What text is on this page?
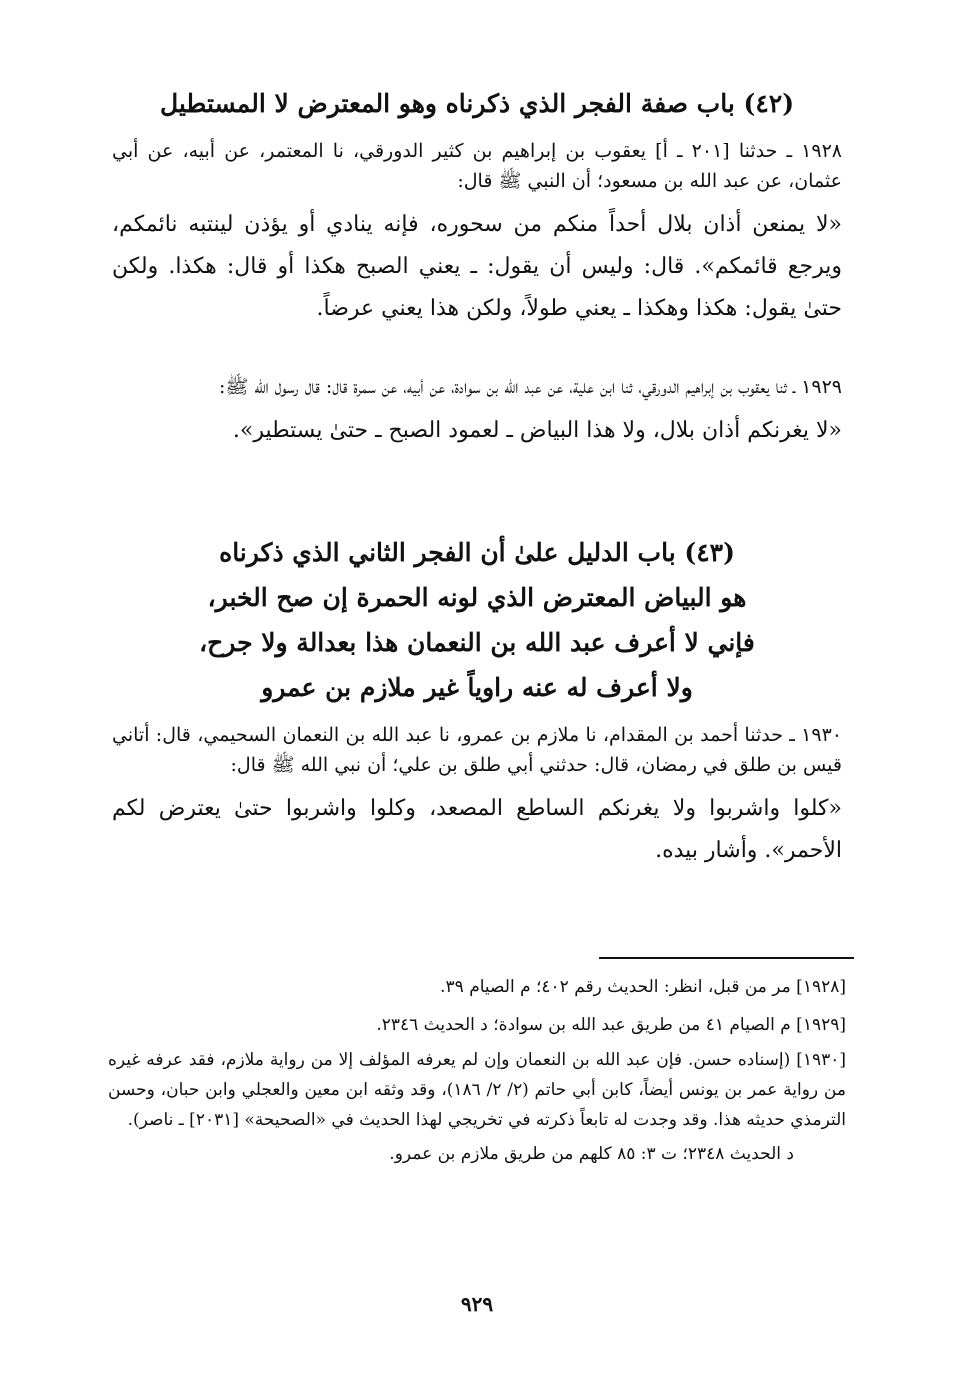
(٤٢) باب صفة الفجر الذي ذكرناه وهو المعترض لا المستطيل
١٩٢٨ ـ حدثنا [٢٠١ ـ أ] يعقوب بن إبراهيم بن كثير الدورقي، نا المعتمر، عن أبيه، عن أبي عثمان، عن عبد الله بن مسعود؛ أن النبي ﷺ قال:
«لا يمنعن أذان بلال أحداً منكم من سحوره، فإنه ينادي أو يؤذن لينتبه نائمكم، ويرجع قائمكم». قال: وليس أن يقول: ـ يعني الصبح هكذا أو قال: هكذا. ولكن حتىٰ يقول: هكذا وهكذا ـ يعني طولاً، ولكن هذا يعني عرضاً.
١٩٢٩ ـ ثنا يعقوب بن إبراهيم الدورقي، ثنا ابن علية، عن عبد الله بن سوادة، عن أبيه، عن سمرة قال: قال رسول الله ﷺ:
«لا يغرنكم أذان بلال، ولا هذا البياض ـ لعمود الصبح ـ حتىٰ يستطير».
(٤٣) باب الدليل علىٰ أن الفجر الثاني الذي ذكرناه
هو البياض المعترض الذي لونه الحمرة إن صح الخبر،
فإني لا أعرف عبد الله بن النعمان هذا بعدالة ولا جرح،
ولا أعرف له عنه راوياً غير ملازم بن عمرو
١٩٣٠ ـ حدثنا أحمد بن المقدام، نا ملازم بن عمرو، نا عبد الله بن النعمان السحيمي، قال: أتاني قيس بن طلق في رمضان، قال: حدثني أبي طلق بن علي؛ أن نبي الله ﷺ قال:
«كلوا واشربوا ولا يغرنكم الساطع المصعد، وكلوا واشربوا حتىٰ يعترض لكم الأحمر». وأشار بيده.
[١٩٢٨] مر من قبل، انظر: الحديث رقم ٤٠٢؛ م الصيام ٣٩.
[١٩٢٩] م الصيام ٤١ من طريق عبد الله بن سوادة؛ د الحديث ٢٣٤٦.
[١٩٣٠] (إسناده حسن. فإن عبد الله بن النعمان وإن لم يعرفه المؤلف إلا من رواية ملازم، فقد عرفه غيره من رواية عمر بن يونس أيضاً، كابن أبي حاتم (٢/ ٢/ ١٨٦)، وقد وثقه ابن معين والعجلي وابن حبان، وحسن الترمذي حديثه هذا. وقد وجدت له تابعاً ذكرته في تخريجي لهذا الحديث في «الصحيحة» [٢٠٣١] ـ ناصر).
د الحديث ٢٣٤٨؛ ت ٣: ٨٥ كلهم من طريق ملازم بن عمرو.
٩٢٩
